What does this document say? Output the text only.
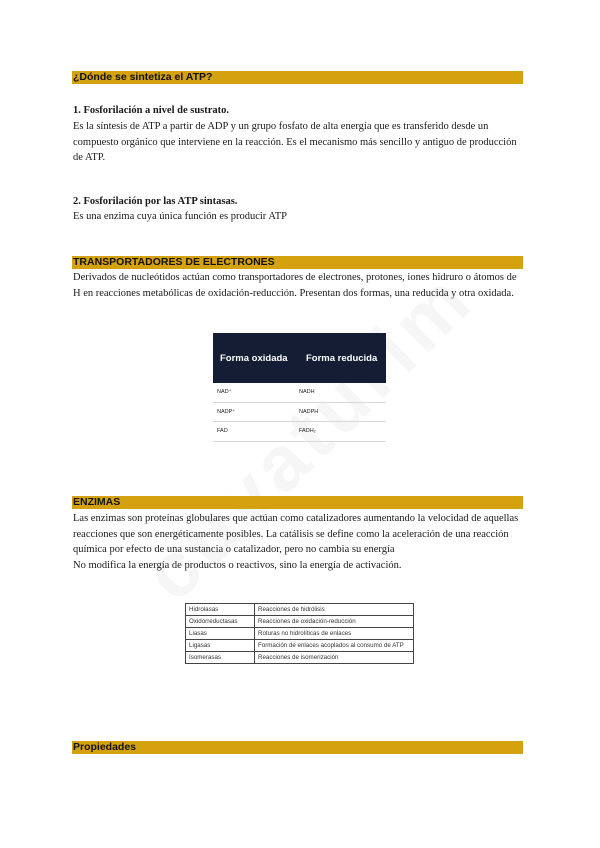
¿Dónde se sintetiza el ATP?
1. Fosforilación a nivel de sustrato.

Es la síntesis de ATP a partir de ADP y un grupo fosfato de alta energía que es transferido desde un compuesto orgánico que interviene en la reacción. Es el mecanismo más sencillo y antiguo de producción de ATP.

2. Fosforilación por las ATP sintasas.

Es una enzima cuya única función es producir ATP

TRANSPORTADORES DE ELECTRONES

Derivados de nucleótidos actúan como transportadores de electrones, protones, iones hidruro o átomos de H en reacciones metabólicas de oxidación-reducción. Presentan dos formas, una reducida y otra oxidada.

Forma oxidada	Forma reducida
NAD⁺	NADH
NADP⁺	NADPH
FAD	FADH₂
ENZIMAS

Las enzimas son proteínas globulares que actúan como catalizadores aumentando la velocidad de aquellas reacciones que son energéticamente posibles. La catálisis se define como la aceleración de una reacción química por efecto de una sustancia o catalizador, pero no cambia su energía

No modifica la energía de productos o reactivos, sino la energía de activación.

Hidrolasas	Reacciones de hidrólisis
Oxidorreductasas	Reacciones de oxidación-reducción
Liasas	Roturas no hidrolíticas de enlaces
Ligasas	Formación de enlaces acoplados al consumo de ATP
Isomerasas	Reacciones de isomerización
Propiedades
